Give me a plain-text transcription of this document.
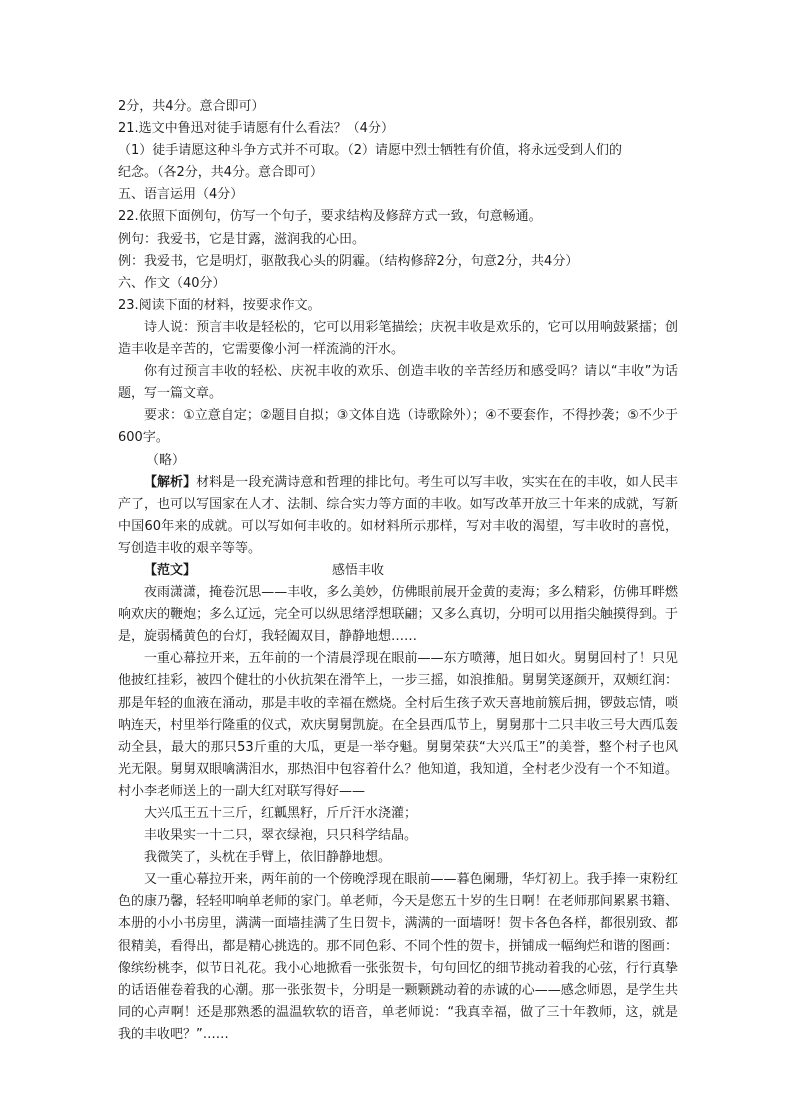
2分，共4分。意合即可）

21.选文中鲁迅对徒手请愿有什么看法？（4分）

（1）徒手请愿这种斗争方式并不可取。（2）请愿中烈士牺牲有价值，将永远受到人们的

纪念。（各2分，共4分。意合即可）

五、语言运用（4分）

22.依照下面例句，仿写一个句子，要求结构及修辞方式一致，句意畅通。

例句：我爱书，它是甘露，滋润我的心田。

例：我爱书，它是明灯，驱散我心头的阴霾。（结构修辞2分，句意2分，共4分）

六、作文（40分）

23.阅读下面的材料，按要求作文。

诗人说：预言丰收是轻松的，它可以用彩笔描绘；庆祝丰收是欢乐的，它可以用响鼓紧擂；创造丰收是辛苦的，它需要像小河一样流淌的汗水。

你有过预言丰收的轻松、庆祝丰收的欢乐、创造丰收的辛苦经历和感受吗？请以“丰收”为话题，写一篇文章。

要求：①立意自定；②题目自拟；③文体自选（诗歌除外）；④不要套作，不得抄袭；⑤不少于600字。

（略）

【解析】材料是一段充满诗意和哲理的排比句。考生可以写丰收，实实在在的丰收，如人民丰产了，也可以写国家在人才、法制、综合实力等方面的丰收。如写改革开放三十年来的成就，写新中国60年来的成就。可以写如何丰收的。如材料所示那样，写对丰收的渴望，写丰收时的喜悦，写创造丰收的艰辛等等。

【范文】	感悟丰收

夜雨潇潇，掩卷沉思——丰收，多么美妙，仿佛眼前展开金黄的麦海；多么精彩，仿佛耳畔燃响欢庆的鞭炮；多么辽远，完全可以纵思绪浮想联翩；又多么真切，分明可以用指尖触摸得到。于是，旋弱橘黄色的台灯，我轻阖双目，静静地想……

一重心幕拉开来，五年前的一个清晨浮现在眼前——东方喷薄，旭日如火。舅舅回村了！只见他披红挂彩，被四个健壮的小伙抗架在滑竿上，一步三摇，如浪推船。舅舅笑逐颜开，双颊红润：那是年轻的血液在涌动，那是丰收的幸福在燃烧。全村后生孩子欢天喜地前簇后拥，锣鼓忘情，唢呐连天，村里举行隆重的仪式，欢庆舅舅凯旋。在全县西瓜节上，舅舅那十二只丰收三号大西瓜轰动全县，最大的那只53斤重的大瓜，更是一举夺魁。舅舅荣获“大兴瓜王”的美誉，整个村子也风光无限。舅舅双眼噙满泪水，那热泪中包容着什么？他知道，我知道，全村老少没有一个不知道。村小李老师送上的一副大红对联写得好——

大兴瓜王五十三斤，红瓤黑籽，斤斤汗水浇灌；

丰收果实一十二只，翠衣绿袍，只只科学结晶。

我微笑了，头枕在手臂上，依旧静静地想。

又一重心幕拉开来，两年前的一个傍晚浮现在眼前——暮色阑珊，华灯初上。我手捧一束粉红色的康乃馨，轻轻叩响单老师的家门。单老师，今天是您五十岁的生日啊！在老师那间累累书籍、本册的小小书房里，满满一面墙挂满了生日贺卡，满满的一面墙呀！贺卡各色各样，都很别致、都很精美，看得出，都是精心挑选的。那不同色彩、不同个性的贺卡，拼铺成一幅绚烂和谐的图画：像缤纷桃李，似节日礼花。我小心地掀看一张张贺卡，句句回忆的细节挑动着我的心弦，行行真挚的话语催卷着我的心潮。那一张张贺卡，分明是一颗颗跳动着的赤诚的心——感念师恩，是学生共同的心声啊！还是那熟悉的温温软软的语音，单老师说：“我真幸福，做了三十年教师，这，就是我的丰收吧？”……
